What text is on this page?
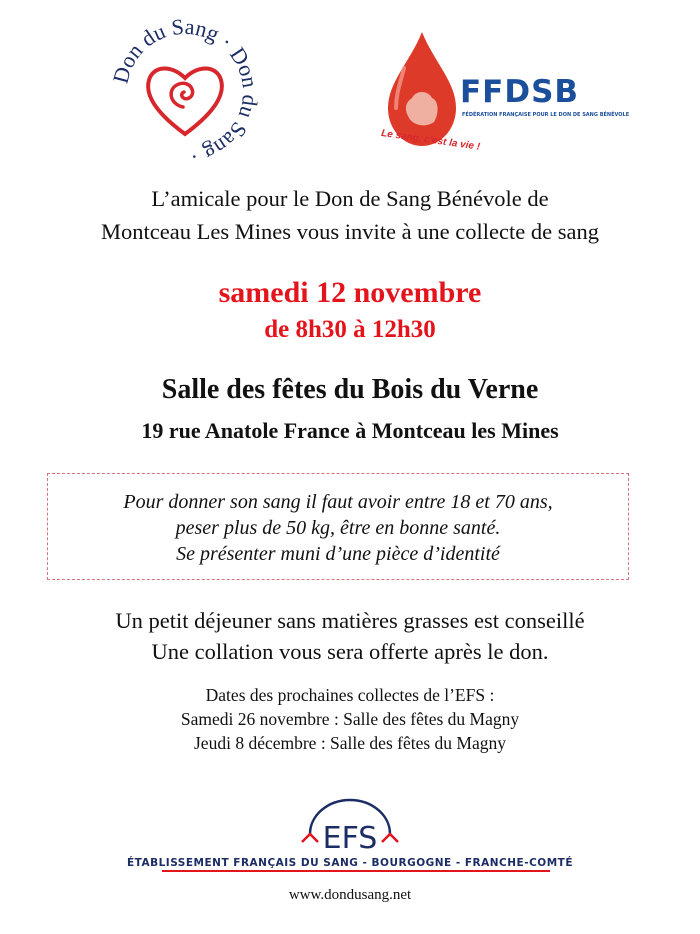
Don du Sang · Don du Sang ·
FFDSB
FÉDÉRATION FRANÇAISE POUR LE DON DE SANG BÉNÉVOLE
Le sang, c'est la vie !
L’amicale pour le Don de Sang Bénévole de
Montceau Les Mines vous invite à une collecte de sang
samedi 12 novembre
de 8h30 à 12h30
Salle des fêtes du Bois du Verne
19 rue Anatole France à Montceau les Mines
Pour donner son sang il faut avoir entre 18 et 70 ans,
peser plus de 50 kg, être en bonne santé.
Se présenter muni d’une pièce d’identité
Un petit déjeuner sans matières grasses est conseillé
Une collation vous sera offerte après le don.
Dates des prochaines collectes de l’EFS :
Samedi 26 novembre : Salle des fêtes du Magny
Jeudi 8 décembre : Salle des fêtes du Magny
EFS
ÉTABLISSEMENT FRANÇAIS DU SANG - BOURGOGNE - FRANCHE-COMTÉ
www.dondusang.net
